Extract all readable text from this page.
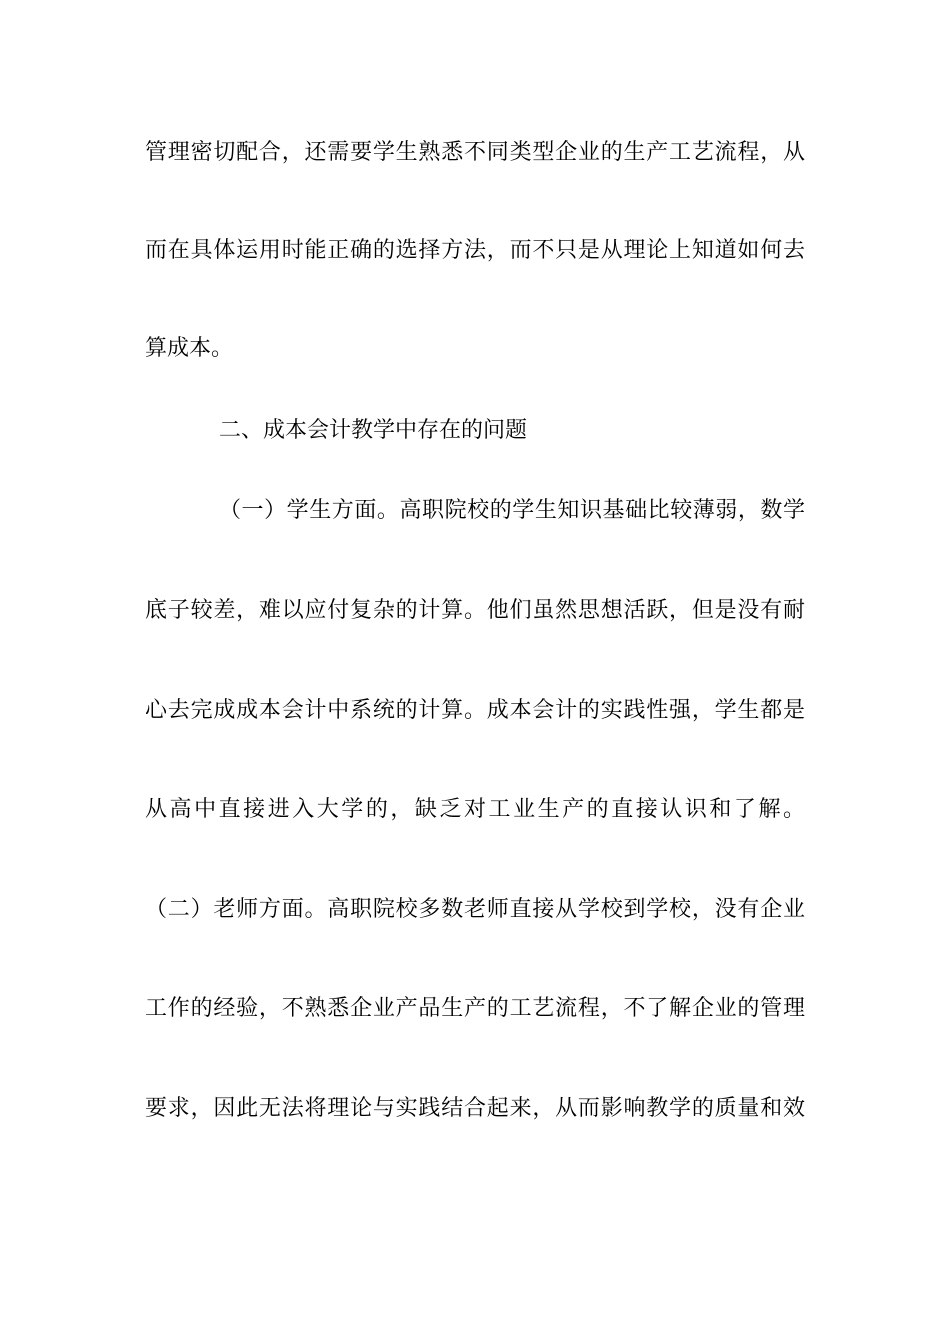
管理密切配合，还需要学生熟悉不同类型企业的生产工艺流程，从
而在具体运用时能正确的选择方法，而不只是从理论上知道如何去
算成本。
二、成本会计教学中存在的问题
（一）学生方面。高职院校的学生知识基础比较薄弱，数学
底子较差，难以应付复杂的计算。他们虽然思想活跃，但是没有耐
心去完成成本会计中系统的计算。成本会计的实践性强，学生都是
从高中直接进入大学的，缺乏对工业生产的直接认识和了解。
（二）老师方面。高职院校多数老师直接从学校到学校，没有企业
工作的经验，不熟悉企业产品生产的工艺流程，不了解企业的管理
要求，因此无法将理论与实践结合起来，从而影响教学的质量和效
